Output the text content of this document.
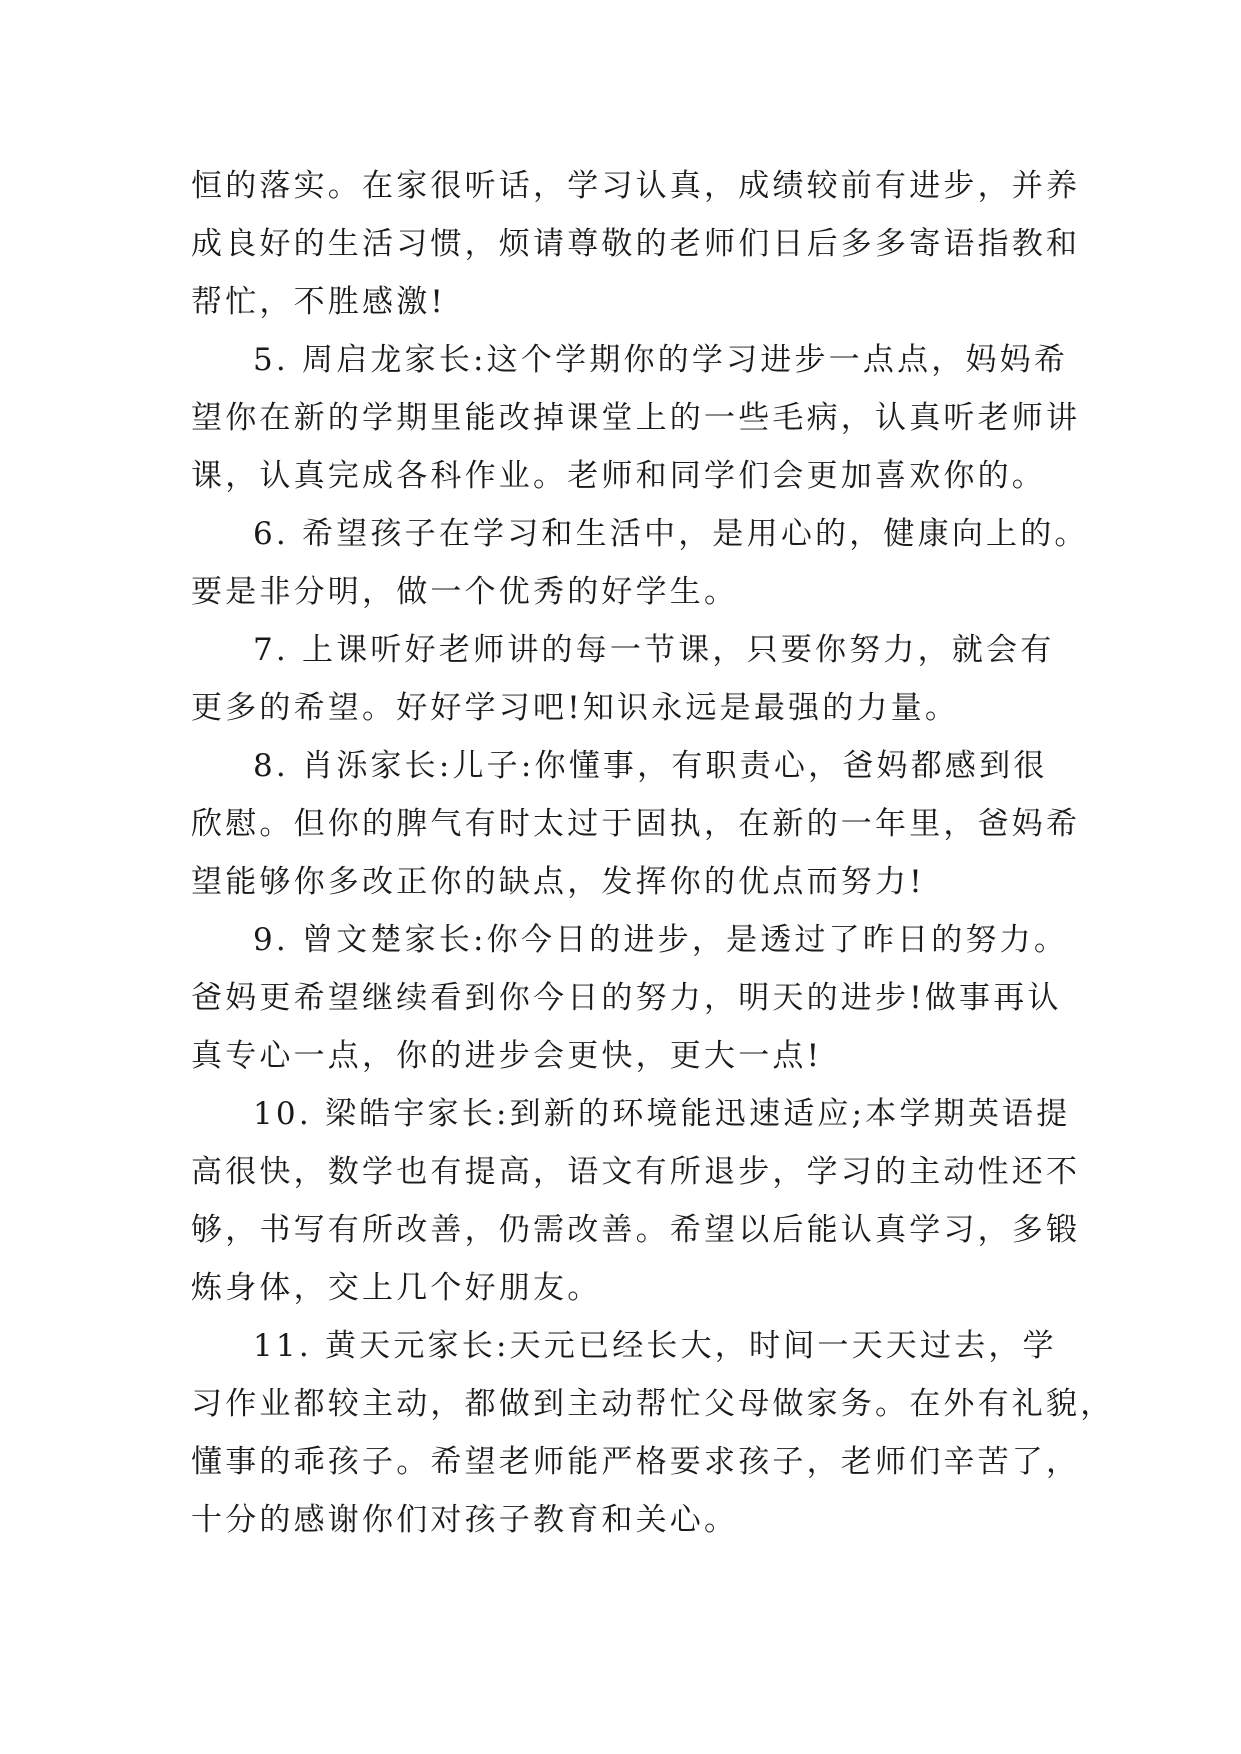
恒的落实。在家很听话，学习认真，成绩较前有进步，并养
成良好的生活习惯，烦请尊敬的老师们日后多多寄语指教和
帮忙，不胜感激!
5. 周启龙家长:这个学期你的学习进步一点点，妈妈希
望你在新的学期里能改掉课堂上的一些毛病，认真听老师讲
课，认真完成各科作业。老师和同学们会更加喜欢你的。
6. 希望孩子在学习和生活中，是用心的，健康向上的。
要是非分明，做一个优秀的好学生。
7. 上课听好老师讲的每一节课，只要你努力，就会有
更多的希望。好好学习吧!知识永远是最强的力量。
8. 肖泺家长:儿子:你懂事，有职责心，爸妈都感到很
欣慰。但你的脾气有时太过于固执，在新的一年里，爸妈希
望能够你多改正你的缺点，发挥你的优点而努力!
9. 曾文楚家长:你今日的进步，是透过了昨日的努力。
爸妈更希望继续看到你今日的努力，明天的进步!做事再认
真专心一点，你的进步会更快，更大一点!
10. 梁皓宇家长:到新的环境能迅速适应;本学期英语提
高很快，数学也有提高，语文有所退步，学习的主动性还不
够，书写有所改善，仍需改善。希望以后能认真学习，多锻
炼身体，交上几个好朋友。
11. 黄天元家长:天元已经长大，时间一天天过去，学
习作业都较主动，都做到主动帮忙父母做家务。在外有礼貌，
懂事的乖孩子。希望老师能严格要求孩子，老师们辛苦了，
十分的感谢你们对孩子教育和关心。
